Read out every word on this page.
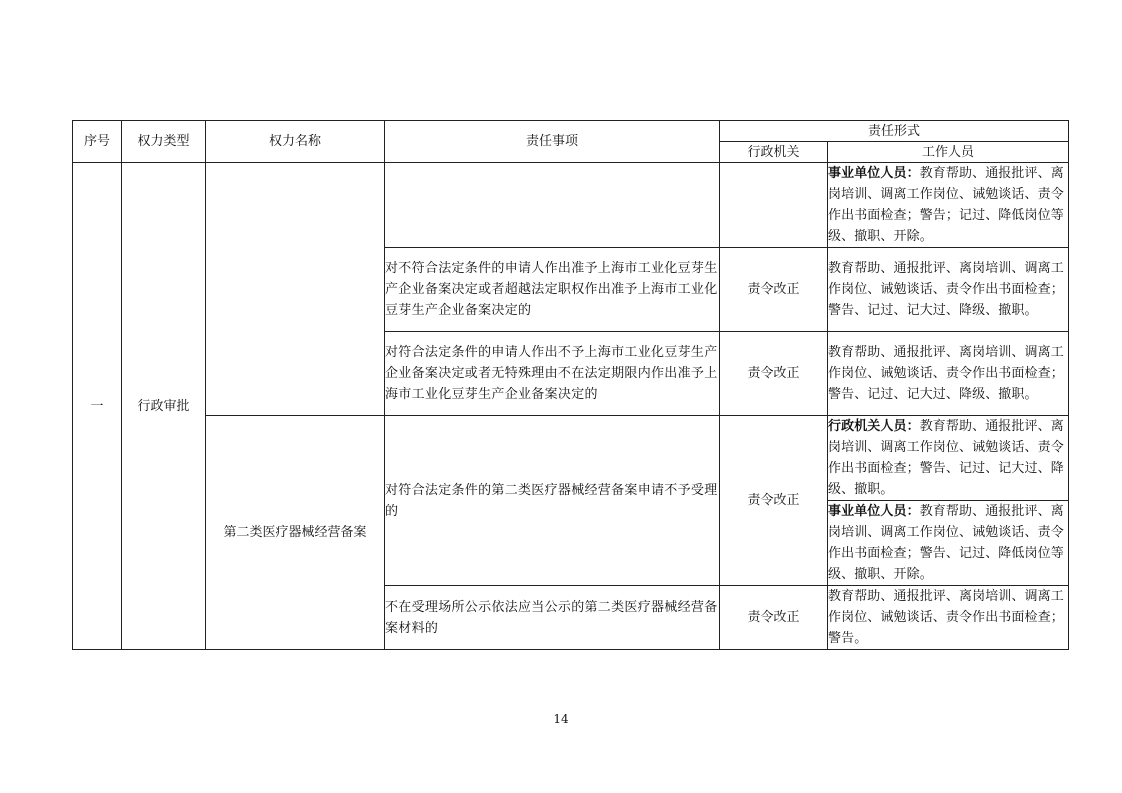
序号	权力类型	权力名称	责任事项	责任形式	
				行政机关	工作人员
一	行政审批				事业单位人员：教育帮助、通报批评、离岗培训、调离工作岗位、诫勉谈话、责令作出书面检查；警告；记过、降低岗位等级、撤职、开除。
			对不符合法定条件的申请人作出准予上海市工业化豆芽生产企业备案决定或者超越法定职权作出准予上海市工业化豆芽生产企业备案决定的	责令改正	教育帮助、通报批评、离岗培训、调离工作岗位、诫勉谈话、责令作出书面检查；警告、记过、记大过、降级、撤职。
			对符合法定条件的申请人作出不予上海市工业化豆芽生产企业备案决定或者无特殊理由不在法定期限内作出准予上海市工业化豆芽生产企业备案决定的	责令改正	教育帮助、通报批评、离岗培训、调离工作岗位、诫勉谈话、责令作出书面检查；警告、记过、记大过、降级、撤职。
		第二类医疗器械经营备案	对符合法定条件的第二类医疗器械经营备案申请不予受理的	责令改正	行政机关人员：教育帮助、通报批评、离岗培训、调离工作岗位、诫勉谈话、责令作出书面检查；警告、记过、记大过、降级、撤职。
					事业单位人员：教育帮助、通报批评、离岗培训、调离工作岗位、诫勉谈话、责令作出书面检查；警告、记过、降低岗位等级、撤职、开除。
			不在受理场所公示依法应当公示的第二类医疗器械经营备案材料的	责令改正	教育帮助、通报批评、离岗培训、调离工作岗位、诫勉谈话、责令作出书面检查；警告。
14
